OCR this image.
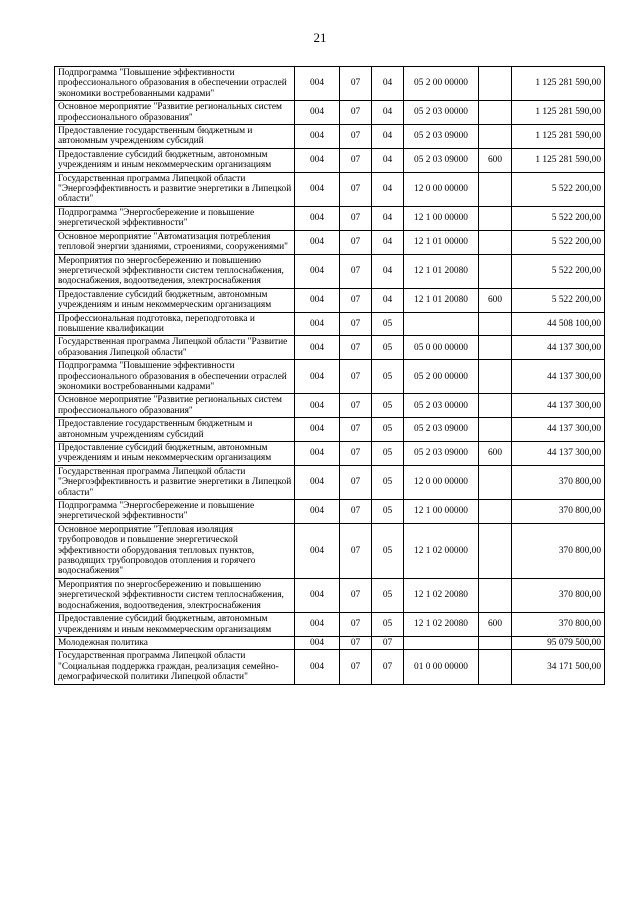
21
Подпрограмма "Повышение эффективности профессионального образования в обеспечении отраслей экономики востребованными кадрами"	004	07	04	05 2 00 00000		1 125 281 590,00
Основное мероприятие "Развитие региональных систем профессионального образования"	004	07	04	05 2 03 00000		1 125 281 590,00
Предоставление государственным бюджетным и автономным учреждениям субсидий	004	07	04	05 2 03 09000		1 125 281 590,00
Предоставление субсидий бюджетным, автономным учреждениям и иным некоммерческим организациям	004	07	04	05 2 03 09000	600	1 125 281 590,00
Государственная программа Липецкой области "Энергоэффективность и развитие энергетики в Липецкой области"	004	07	04	12 0 00 00000		5 522 200,00
Подпрограмма "Энергосбережение и повышение энергетической эффективности"	004	07	04	12 1 00 00000		5 522 200,00
Основное мероприятие "Автоматизация потребления тепловой энергии зданиями, строениями, сооружениями"	004	07	04	12 1 01 00000		5 522 200,00
Мероприятия по энергосбережению и повышению энергетической эффективности систем теплоснабжения, водоснабжения, водоотведения, электроснабжения	004	07	04	12 1 01 20080		5 522 200,00
Предоставление субсидий бюджетным, автономным учреждениям и иным некоммерческим организациям	004	07	04	12 1 01 20080	600	5 522 200,00
Профессиональная подготовка, переподготовка и повышение квалификации	004	07	05			44 508 100,00
Государственная программа Липецкой области "Развитие образования Липецкой области"	004	07	05	05 0 00 00000		44 137 300,00
Подпрограмма "Повышение эффективности профессионального образования в обеспечении отраслей экономики востребованными кадрами"	004	07	05	05 2 00 00000		44 137 300,00
Основное мероприятие "Развитие региональных систем профессионального образования"	004	07	05	05 2 03 00000		44 137 300,00
Предоставление государственным бюджетным и автономным учреждениям субсидий	004	07	05	05 2 03 09000		44 137 300,00
Предоставление субсидий бюджетным, автономным учреждениям и иным некоммерческим организациям	004	07	05	05 2 03 09000	600	44 137 300,00
Государственная программа Липецкой области "Энергоэффективность и развитие энергетики в Липецкой области"	004	07	05	12 0 00 00000		370 800,00
Подпрограмма "Энергосбережение и повышение энергетической эффективности"	004	07	05	12 1 00 00000		370 800,00
Основное мероприятие "Тепловая изоляция трубопроводов и повышение энергетической эффективности оборудования тепловых пунктов, разводящих трубопроводов отопления и горячего водоснабжения"	004	07	05	12 1 02 00000		370 800,00
Мероприятия по энергосбережению и повышению энергетической эффективности систем теплоснабжения, водоснабжения, водоотведения, электроснабжения	004	07	05	12 1 02 20080		370 800,00
Предоставление субсидий бюджетным, автономным учреждениям и иным некоммерческим организациям	004	07	05	12 1 02 20080	600	370 800,00
Молодежная политика	004	07	07			95 079 500,00
Государственная программа Липецкой области "Социальная поддержка граждан, реализация семейно-демографической политики Липецкой области"	004	07	07	01 0 00 00000		34 171 500,00
